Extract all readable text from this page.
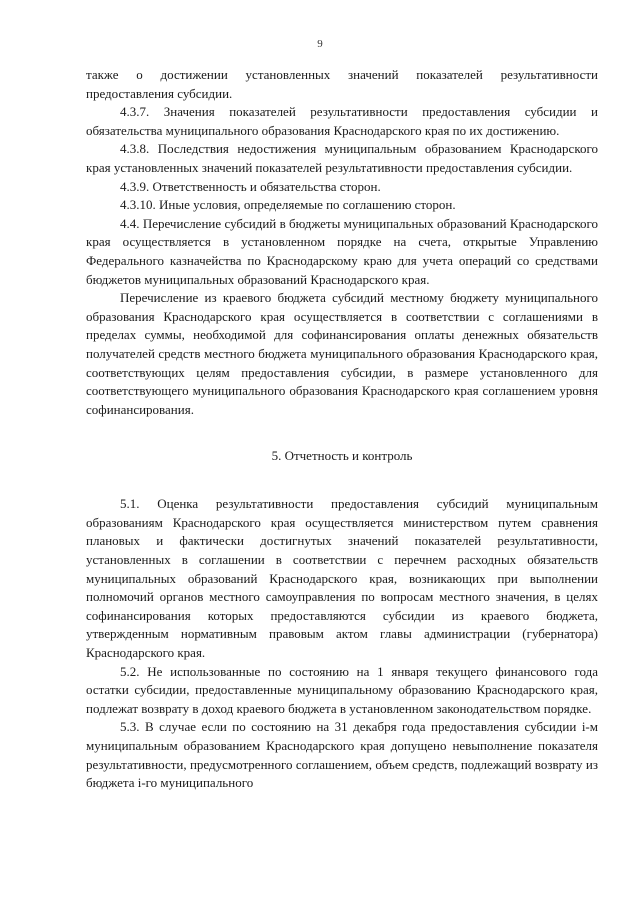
9

также о достижении установленных значений показателей результативности предоставления субсидии.

4.3.7. Значения показателей результативности предоставления субсидии и обязательства муниципального образования Краснодарского края по их достижению.

4.3.8. Последствия недостижения муниципальным образованием Краснодарского края установленных значений показателей результативности предоставления субсидии.

4.3.9. Ответственность и обязательства сторон.

4.3.10. Иные условия, определяемые по соглашению сторон.

4.4. Перечисление субсидий в бюджеты муниципальных образований Краснодарского края осуществляется в установленном порядке на счета, открытые Управлению Федерального казначейства по Краснодарскому краю для учета операций со средствами бюджетов муниципальных образований Краснодарского края.

Перечисление из краевого бюджета субсидий местному бюджету муниципального образования Краснодарского края осуществляется в соответствии с соглашениями в пределах суммы, необходимой для софинансирования оплаты денежных обязательств получателей средств местного бюджета муниципального образования Краснодарского края, соответствующих целям предоставления субсидии, в размере установленного для соответствующего муниципального образования Краснодарского края соглашением уровня софинансирования.

5. Отчетность и контроль

5.1. Оценка результативности предоставления субсидий муниципальным образованиям Краснодарского края осуществляется министерством путем сравнения плановых и фактически достигнутых значений показателей результативности, установленных в соглашении в соответствии с перечнем расходных обязательств муниципальных образований Краснодарского края, возникающих при выполнении полномочий органов местного самоуправления по вопросам местного значения, в целях софинансирования которых предоставляются субсидии из краевого бюджета, утвержденным нормативным правовым актом главы администрации (губернатора) Краснодарского края.

5.2. Не использованные по состоянию на 1 января текущего финансового года остатки субсидии, предоставленные муниципальному образованию Краснодарского края, подлежат возврату в доход краевого бюджета в установленном законодательством порядке.

5.3. В случае если по состоянию на 31 декабря года предоставления субсидии i-м муниципальным образованием Краснодарского края допущено невыполнение показателя результативности, предусмотренного соглашением, объем средств, подлежащий возврату из бюджета i-го муниципального
